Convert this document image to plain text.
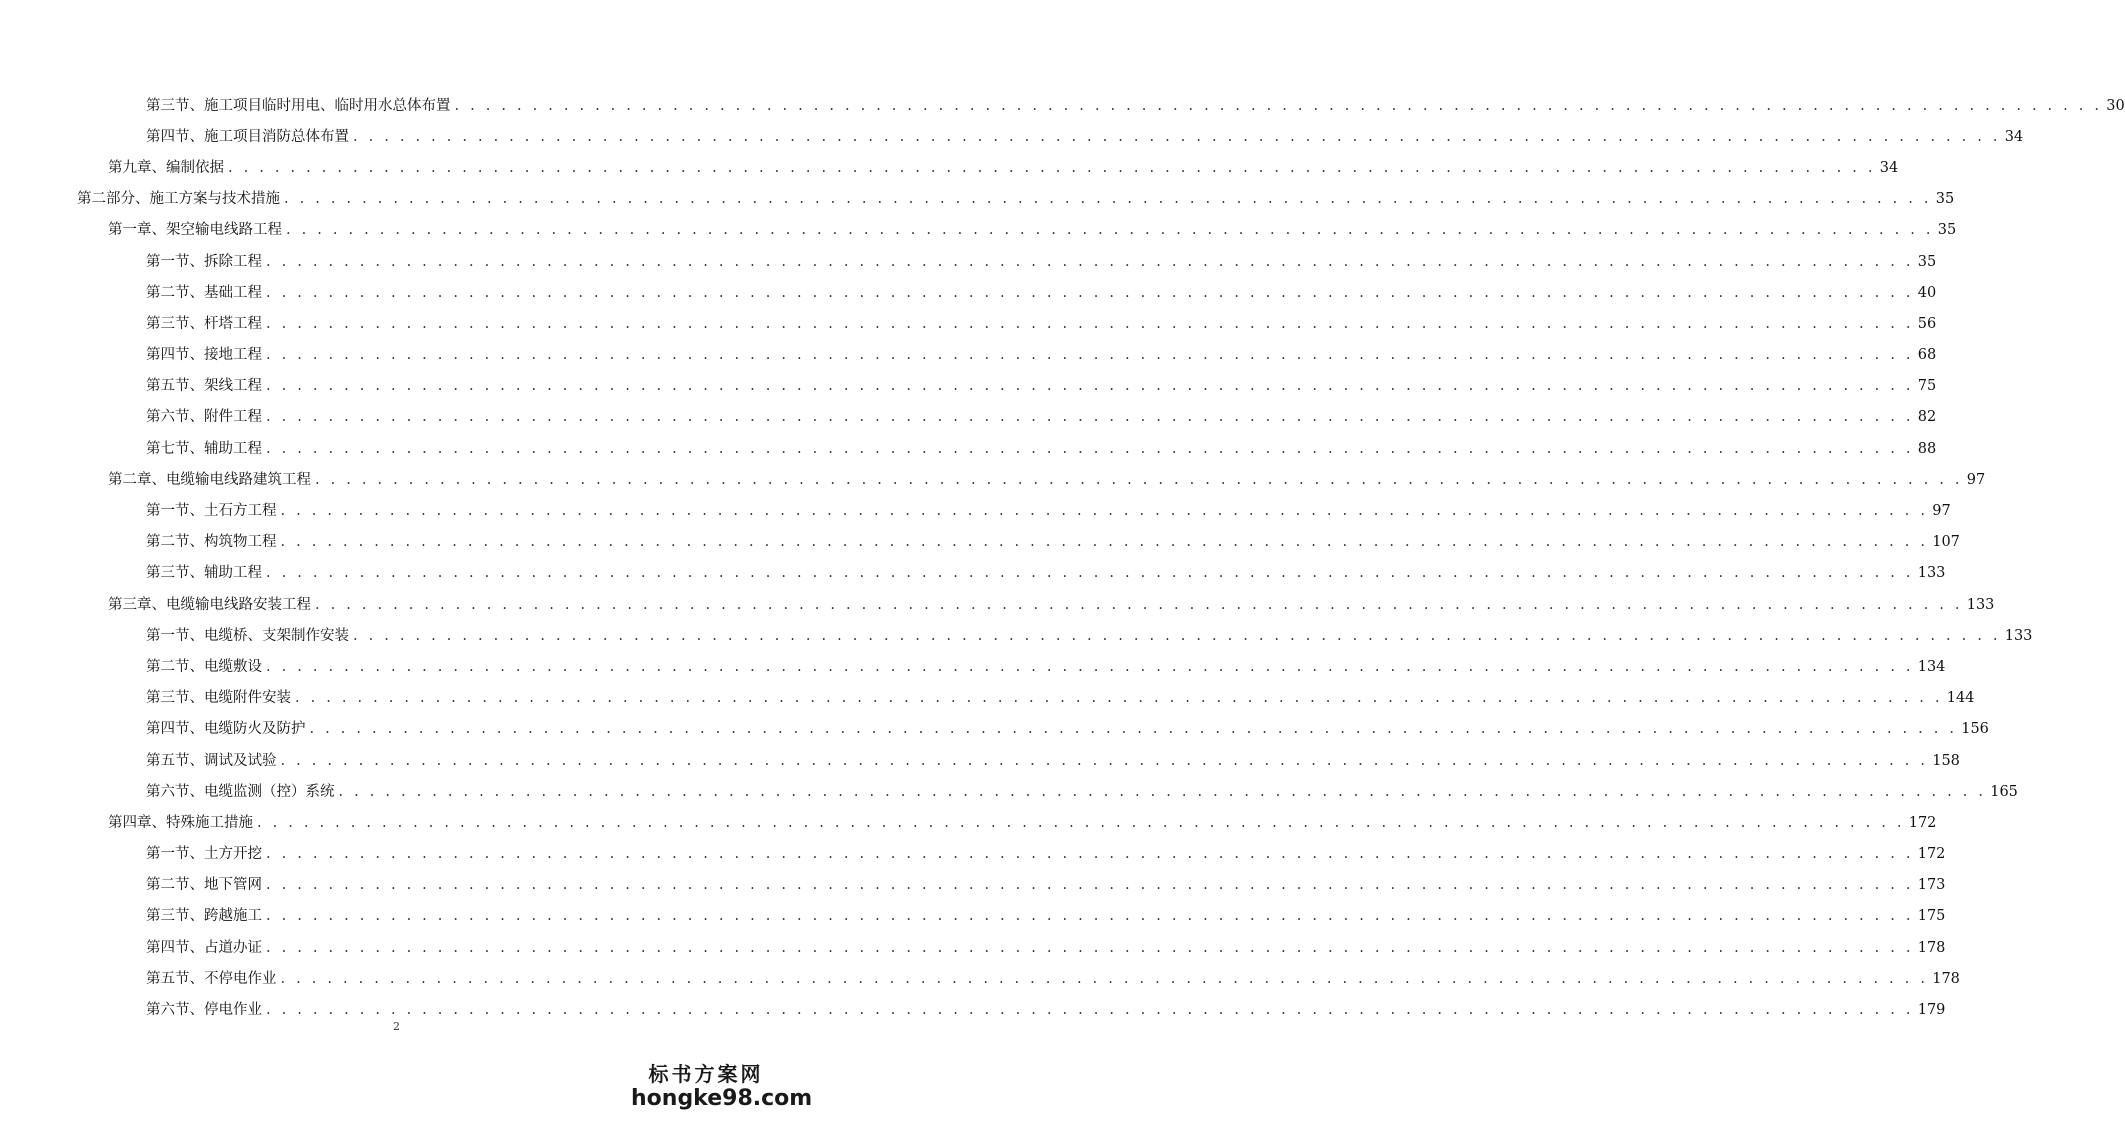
第三节、施工项目临时用电、临时用水总体布置 . . .	30
第四节、施工项目消防总体布置 . . .	34
第九章、编制依据 . . .	34
第二部分、施工方案与技术措施 . . .	35
第一章、架空输电线路工程 . . .	35
第一节、拆除工程 . . .	35
第二节、基础工程 . . .	40
第三节、杆塔工程 . . .	56
第四节、接地工程 . . .	68
第五节、架线工程 . . .	75
第六节、附件工程 . . .	82
第七节、辅助工程 . . .	88
第二章、电缆输电线路建筑工程 . . .	97
第一节、土石方工程 . . .	97
第二节、构筑物工程 . . .	107
第三节、辅助工程 . . .	133
第三章、电缆输电线路安装工程 . . .	133
第一节、电缆桥、支架制作安装 . . .	133
第二节、电缆敷设 . . .	134
第三节、电缆附件安装 . . .	144
第四节、电缆防火及防护 . . .	156
第五节、调试及试验 . . .	158
第六节、电缆监测（控）系统 . . .	165
第四章、特殊施工措施 . . .	172
第一节、土方开挖 . . .	172
第二节、地下管网 . . .	173
第三节、跨越施工 . . .	175
第四节、占道办证 . . .	178
第五节、不停电作业 . . .	178
第六节、停电作业 . . .	179
2
标书方案网
hongke98.com
